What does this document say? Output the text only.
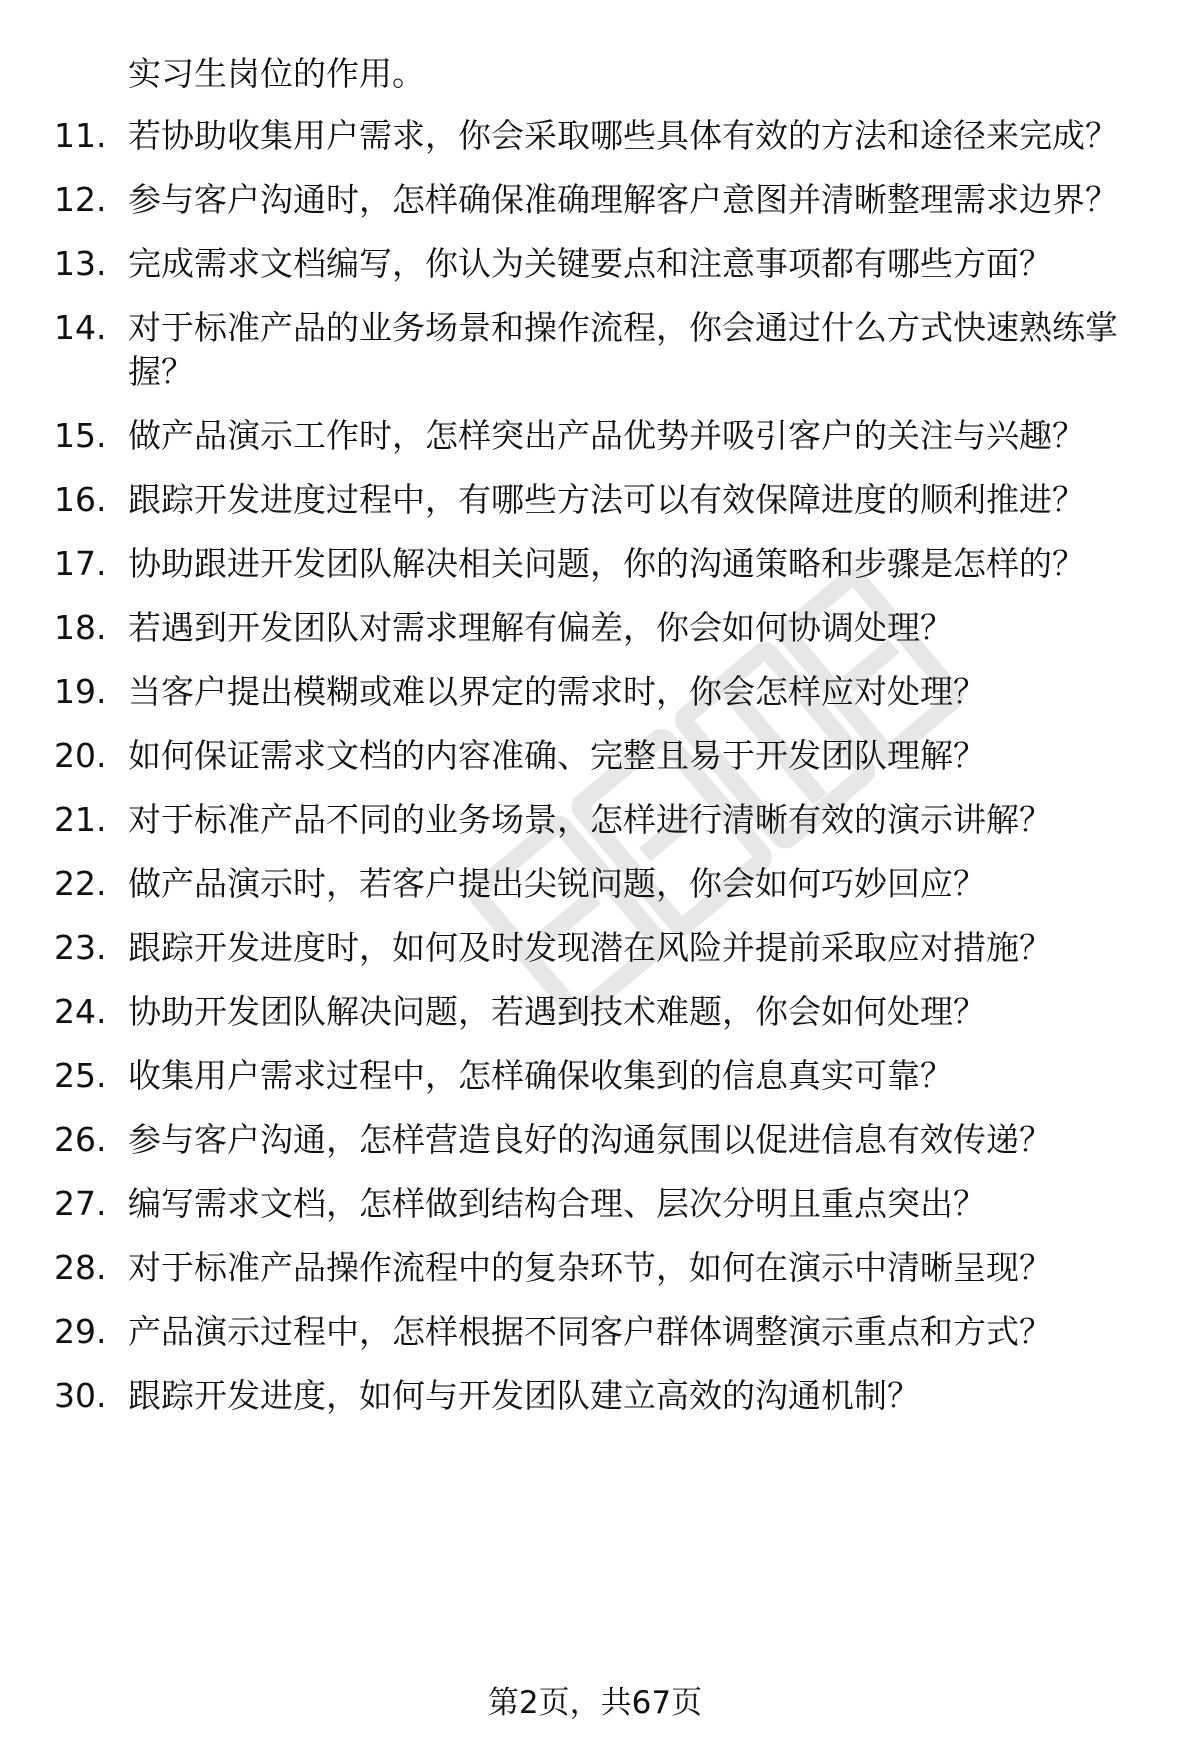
实习生岗位的作用。
11. 若协助收集用户需求，你会采取哪些具体有效的方法和途径来完成？
12. 参与客户沟通时，怎样确保准确理解客户意图并清晰整理需求边界？
13. 完成需求文档编写，你认为关键要点和注意事项都有哪些方面？
14. 对于标准产品的业务场景和操作流程，你会通过什么方式快速熟练掌握？
15. 做产品演示工作时，怎样突出产品优势并吸引客户的关注与兴趣？
16. 跟踪开发进度过程中，有哪些方法可以有效保障进度的顺利推进？
17. 协助跟进开发团队解决相关问题，你的沟通策略和步骤是怎样的？
18. 若遇到开发团队对需求理解有偏差，你会如何协调处理？
19. 当客户提出模糊或难以界定的需求时，你会怎样应对处理？
20. 如何保证需求文档的内容准确、完整且易于开发团队理解？
21. 对于标准产品不同的业务场景，怎样进行清晰有效的演示讲解？
22. 做产品演示时，若客户提出尖锐问题，你会如何巧妙回应？
23. 跟踪开发进度时，如何及时发现潜在风险并提前采取应对措施？
24. 协助开发团队解决问题，若遇到技术难题，你会如何处理？
25. 收集用户需求过程中，怎样确保收集到的信息真实可靠？
26. 参与客户沟通，怎样营造良好的沟通氛围以促进信息有效传递？
27. 编写需求文档，怎样做到结构合理、层次分明且重点突出？
28. 对于标准产品操作流程中的复杂环节，如何在演示中清晰呈现？
29. 产品演示过程中，怎样根据不同客户群体调整演示重点和方式？
30. 跟踪开发进度，如何与开发团队建立高效的沟通机制？
第2页，共67页
